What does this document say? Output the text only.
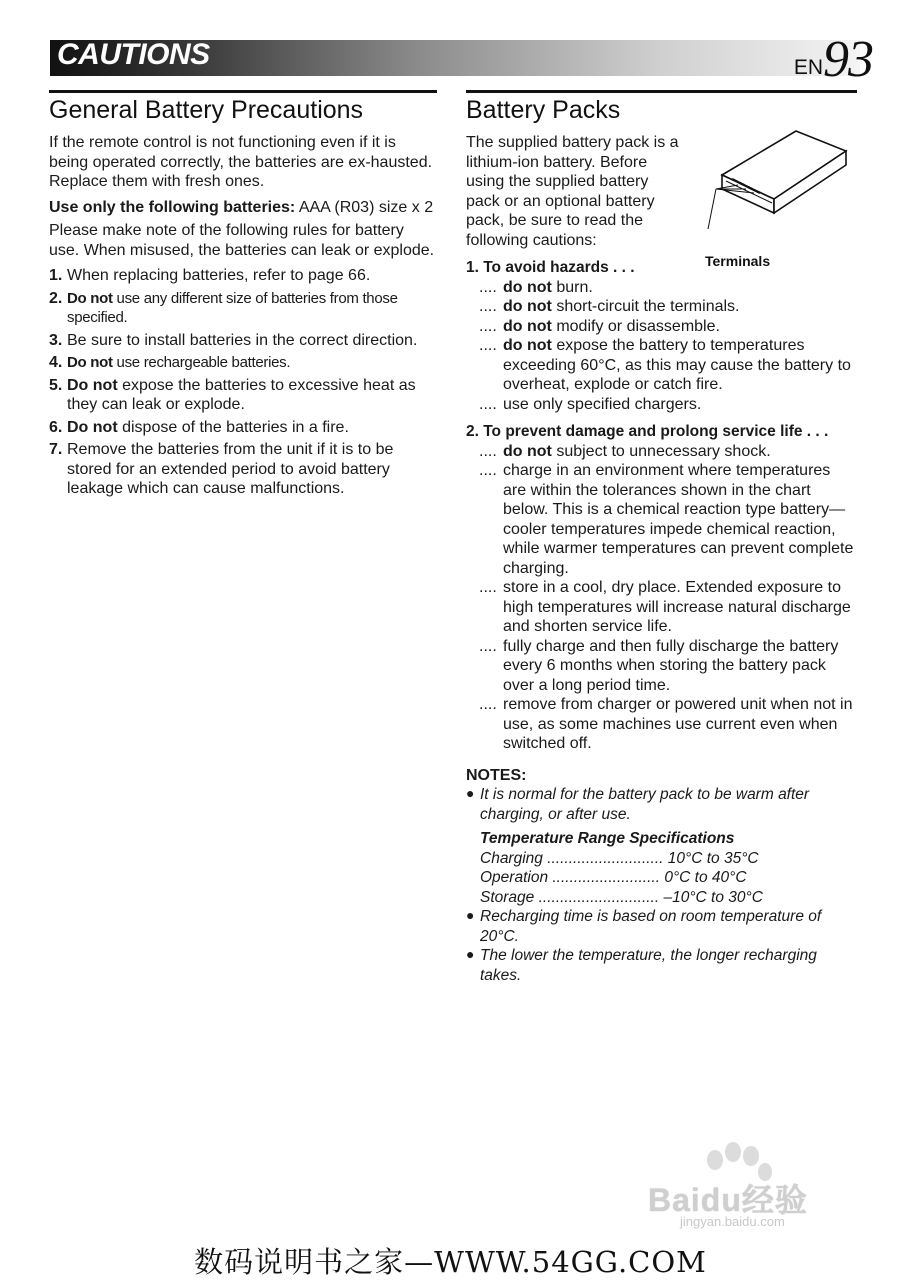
CAUTIONS	EN93
General Battery Precautions

If the remote control is not functioning even if it is being operated correctly, the batteries are ex-hausted. Replace them with fresh ones.

Use only the following batteries: AAA (R03) size x 2

Please make note of the following rules for battery use. When misused, the batteries can leak or explode.

1. When replacing batteries, refer to page 66.
2. Do not use any different size of batteries from those specified.
3. Be sure to install batteries in the correct direction.
4. Do not use rechargeable batteries.
5. Do not expose the batteries to excessive heat as they can leak or explode.
6. Do not dispose of the batteries in a fire.
7. Remove the batteries from the unit if it is to be stored for an extended period to avoid battery leakage which can cause malfunctions.
Battery Packs

The supplied battery pack is a lithium-ion battery. Before using the supplied battery pack or an optional battery pack, be sure to read the following cautions:

Terminals
1. To avoid hazards . . .
.... do not burn.
.... do not short-circuit the terminals.
.... do not modify or disassemble.
.... do not expose the battery to temperatures exceeding 60°C, as this may cause the battery to overheat, explode or catch fire.
.... use only specified chargers.
2. To prevent damage and prolong service life . . .
.... do not subject to unnecessary shock.
.... charge in an environment where temperatures are within the tolerances shown in the chart below. This is a chemical reaction type battery—cooler temperatures impede chemical reaction, while warmer temperatures can prevent complete charging.
.... store in a cool, dry place. Extended exposure to high temperatures will increase natural discharge and shorten service life.
.... fully charge and then fully discharge the battery every 6 months when storing the battery pack over a long period time.
.... remove from charger or powered unit when not in use, as some machines use current even when switched off.
NOTES:
● It is normal for the battery pack to be warm after charging, or after use.
Temperature Range Specifications
Charging ........................... 10°C to 35°C
Operation ......................... 0°C to 40°C
Storage ............................ –10°C to 30°C
● Recharging time is based on room temperature of 20°C.
● The lower the temperature, the longer recharging takes.
Baidu经验
jingyan.baidu.com
数码说明书之家—WWW.54GG.COM
